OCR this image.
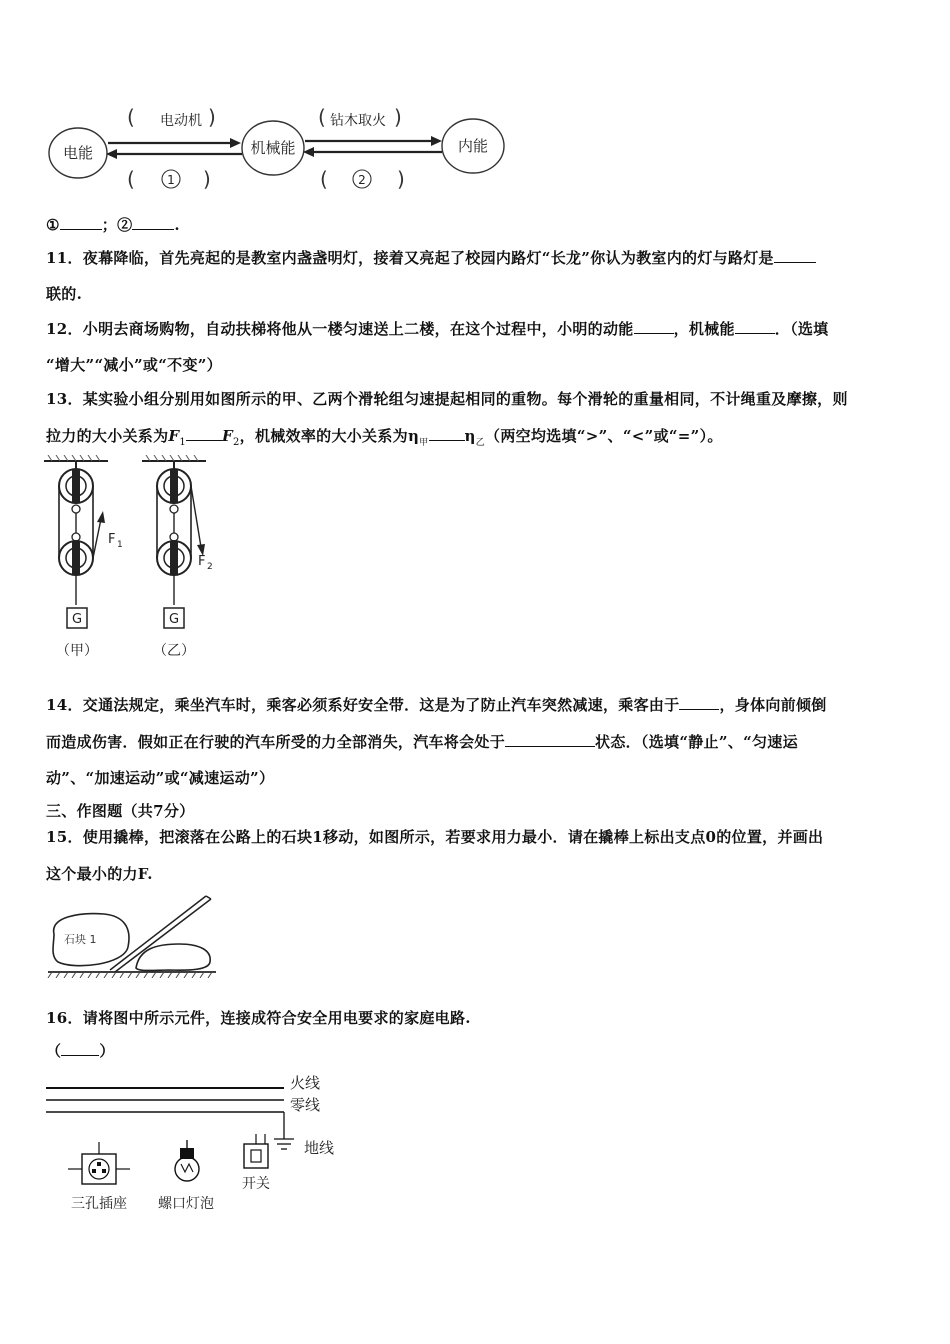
电能	机械能	内能
( 电动机 )	( 钻木取火 )
(	1 )	(	2 )
①	；②	.
11．夜幕降临，首先亮起的是教室内盏盏明灯，接着又亮起了校园内路灯“长龙”你认为教室内的灯与路灯是
联的.
12．小明去商场购物，自动扶梯将他从一楼匀速送上二楼，在这个过程中，小明的动能	，机械能	．（选填
“增大”“减小”或“不变”）
13．某实验小组分别用如图所示的甲、乙两个滑轮组匀速提起相同的重物。每个滑轮的重量相同，不计绳重及摩擦，则
拉力的大小关系为$F_1$ $F_2$，机械效率的大小关系为$\eta_甲$ $\eta_乙$（两空均选填“>”、“<”或“=”）。
F 1
G
（甲）
F 2
G
（乙）
14．交通法规定，乘坐汽车时，乘客必须系好安全带．这是为了防止汽车突然减速，乘客由于	，身体向前倾倒
而造成伤害．假如正在行驶的汽车所受的力全部消失，汽车将会处于	状态．（选填“静止”、“匀速运
动”、“加速运动”或“减速运动”）
三、作图题（共7分）
15．使用撬棒，把滚落在公路上的石块1移动，如图所示，若要求用力最小．请在撬棒上标出支点0的位置，并画出
这个最小的力F.
石块 1
16．请将图中所示元件，连接成符合安全用电要求的家庭电路.
（	）
火线
零线
地线
三孔插座 螺口灯泡
开关
